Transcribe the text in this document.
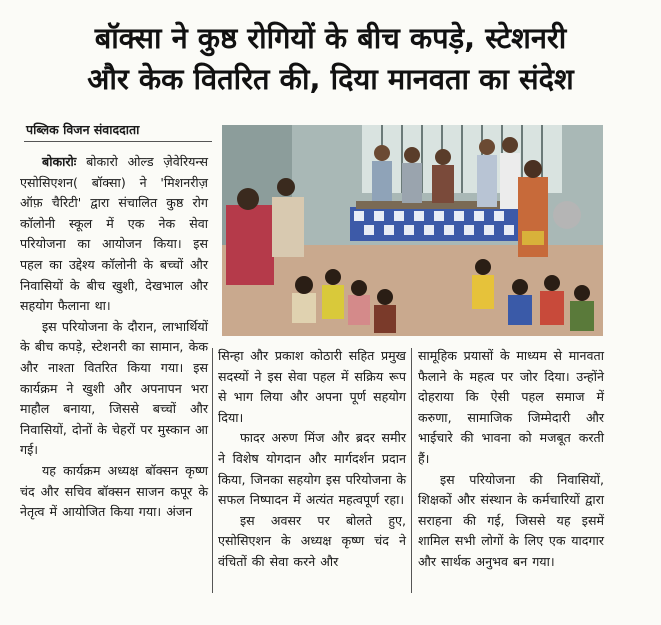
बॉक्सा ने कुष्ठ रोगियों के बीच कपड़े, स्टेशनरी
और केक वितरित की, दिया मानवता का संदेश
पब्लिक विजन संवाददाता

बोकारोः बोकारो ओल्ड ज़ेवेरियन्स एसोसिएशन( बॉक्सा) ने 'मिशनरीज़ ऑफ़ चैरिटी' द्वारा संचालित कुष्ठ रोग कॉलोनी स्कूल में एक नेक सेवा परियोजना का आयोजन किया। इस पहल का उद्देश्य कॉलोनी के बच्चों और निवासियों के बीच खुशी, देखभाल और सहयोग फैलाना था।

इस परियोजना के दौरान, लाभार्थियों के बीच कपड़े, स्टेशनरी का सामान, केक और नाश्ता वितरित किया गया। इस कार्यक्रम ने खुशी और अपनापन भरा माहौल बनाया, जिससे बच्चों और निवासियों, दोनों के चेहरों पर मुस्कान आ गई।

यह कार्यक्रम अध्यक्ष बॉक्सन कृष्ण चंद और सचिव बॉक्सन साजन कपूर के नेतृत्व में आयोजित किया गया। अंजन

सिन्हा और प्रकाश कोठारी सहित प्रमुख सदस्यों ने इस सेवा पहल में सक्रिय रूप से भाग लिया और अपना पूर्ण सहयोग दिया।

फादर अरुण मिंज और ब्रदर समीर ने विशेष योगदान और मार्गदर्शन प्रदान किया, जिनका सहयोग इस परियोजना के सफल निष्पादन में अत्यंत महत्वपूर्ण रहा।

इस अवसर पर बोलते हुए, एसोसिएशन के अध्यक्ष कृष्ण चंद ने वंचितों की सेवा करने और

सामूहिक प्रयासों के माध्यम से मानवता फैलाने के महत्व पर जोर दिया। उन्होंने दोहराया कि ऐसी पहल समाज में करुणा, सामाजिक जिम्मेदारी और भाईचारे की भावना को मजबूत करती हैं।

इस परियोजना की निवासियों, शिक्षकों और संस्थान के कर्मचारियों द्वारा सराहना की गई, जिससे यह इसमें शामिल सभी लोगों के लिए एक यादगार और सार्थक अनुभव बन गया।
